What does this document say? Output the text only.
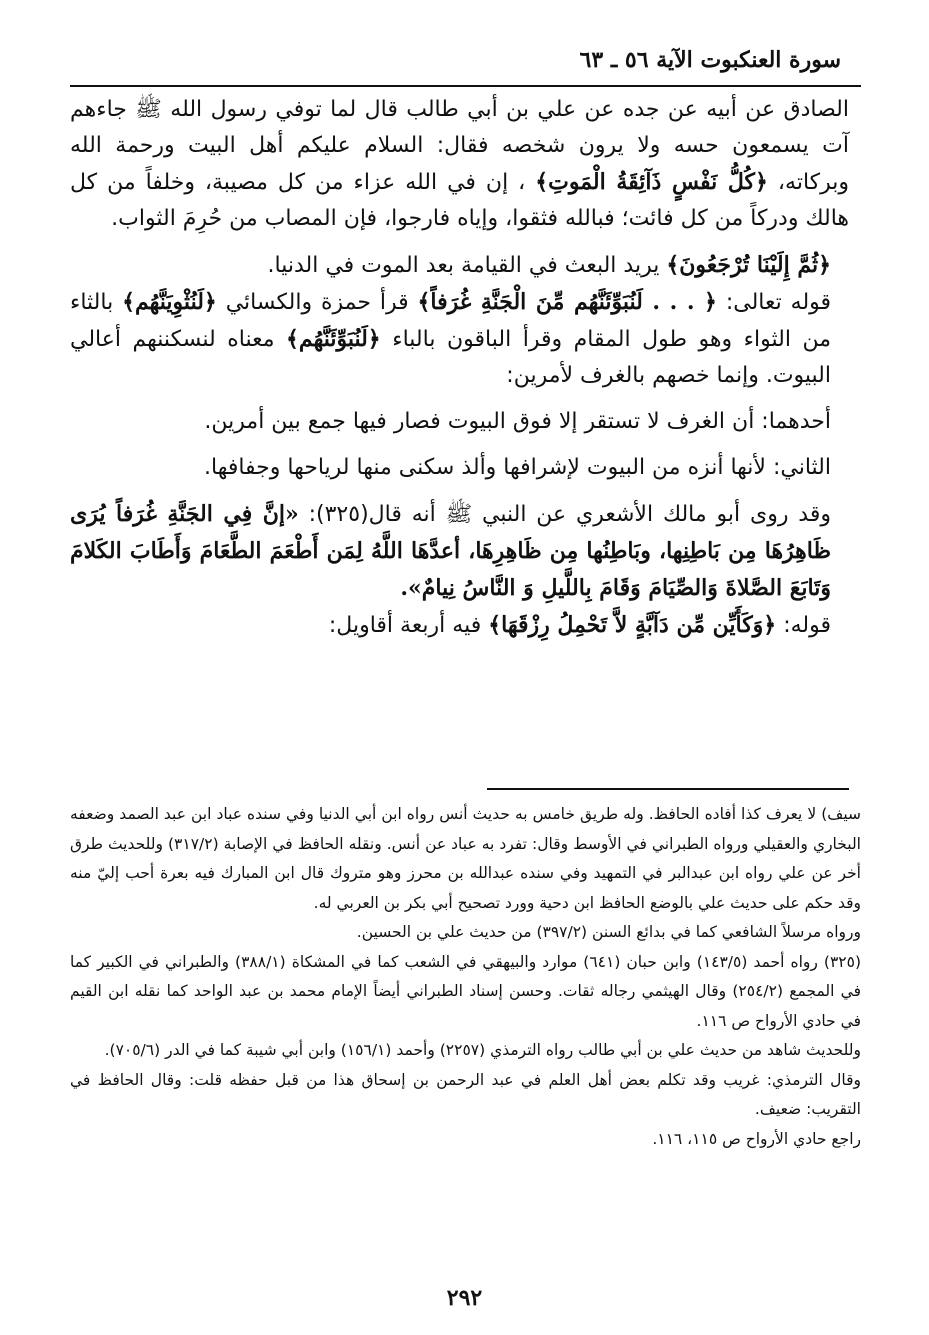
سورة العنكبوت الآية ٥٦ ـ ٦٣

الصادق عن أبيه عن جده عن علي بن أبي طالب قال لما توفي رسول الله ﷺ جاءهم آت يسمعون حسه ولا يرون شخصه فقال: السلام عليكم أهل البيت ورحمة الله وبركاته، ﴿كُلُّ نَفْسٍ ذَآئِقَةُ الْمَوتِ﴾ ، إن في الله عزاء من كل مصيبة، وخلفاً من كل هالك ودركاً من كل فائت؛ فبالله فثقوا، وإياه فارجوا، فإن المصاب من حُرِمَ الثواب.

﴿ثُمَّ إِلَيْنَا تُرْجَعُونَ﴾ يريد البعث في القيامة بعد الموت في الدنيا.

قوله تعالى: ﴿ . . . لَنُبَوِّئَنَّهُم مِّنَ الْجَنَّةِ غُرَفاً﴾ قرأ حمزة والكسائي ﴿لَنُثْوِيَنَّهُم﴾ بالثاء من الثواء وهو طول المقام وقرأ الباقون بالباء ﴿لَنُبَوِّئَنَّهُم﴾ معناه لنسكننهم أعالي البيوت. وإنما خصهم بالغرف لأمرين:

أحدهما: أن الغرف لا تستقر إلا فوق البيوت فصار فيها جمع بين أمرين.

الثاني: لأنها أنزه من البيوت لإشرافها وألذ سكنى منها لرياحها وجفافها.

وقد روى أبو مالك الأشعري عن النبي ﷺ أنه قال(٣٢٥): «إنَّ فِي الجَنَّةِ غُرَفاً يُرَى ظَاهِرُهَا مِن بَاطِنِها، وبَاطِنُها مِن ظَاهِرِهَا، أعدَّهَا اللَّهُ لِمَن أَطْعَمَ الطَّعَامَ وَأَطَابَ الكَلامَ وَتَابَعَ الصَّلاةَ وَالصِّيَامَ وَقَامَ بِاللَّيلِ وَ النَّاسُ نِيامٌ».

قوله: ﴿وَكَأَيِّن مِّن دَآبَّةٍ لاَّ تَحْمِلُ رِزْقَهَا﴾ فيه أربعة أقاويل:

سيف) لا يعرف كذا أفاده الحافظ. وله طريق خامس به حديث أنس رواه ابن أبي الدنيا وفي سنده عباد ابن عبد الصمد وضعفه البخاري والعقيلي ورواه الطبراني في الأوسط وقال: تفرد به عباد عن أنس. ونقله الحافظ في الإصابة (٣١٧/٢) وللحديث طرق أخر عن علي رواه ابن عبدالبر في التمهيد وفي سنده عبدالله بن محرز وهو متروك قال ابن المبارك فيه بعرة أحب إليّ منه وقد حكم على حديث علي بالوضع الحافظ ابن دحية وورد تصحيح أبي بكر بن العربي له.

ورواه مرسلاً الشافعي كما في بدائع السنن (٣٩٧/٢) من حديث علي بن الحسين.

(٣٢٥) رواه أحمد (١٤٣/٥) وابن حبان (٦٤١) موارد والبيهقي في الشعب كما في المشكاة (٣٨٨/١) والطبراني في الكبير كما في المجمع (٢٥٤/٢) وقال الهيثمي رجاله ثقات. وحسن إسناد الطبراني أيضاً الإمام محمد بن عبد الواحد كما نقله ابن القيم في حادي الأرواح ص ١١٦.

وللحديث شاهد من حديث علي بن أبي طالب رواه الترمذي (٢٢٥٧) وأحمد (١٥٦/١) وابن أبي شيبة كما في الدر (٧٠٥/٦).

وقال الترمذي: غريب وقد تكلم بعض أهل العلم في عبد الرحمن بن إسحاق هذا من قبل حفظه قلت: وقال الحافظ في التقريب: ضعيف.

راجع حادي الأرواح ص ١١٥، ١١٦.

٢٩٢
